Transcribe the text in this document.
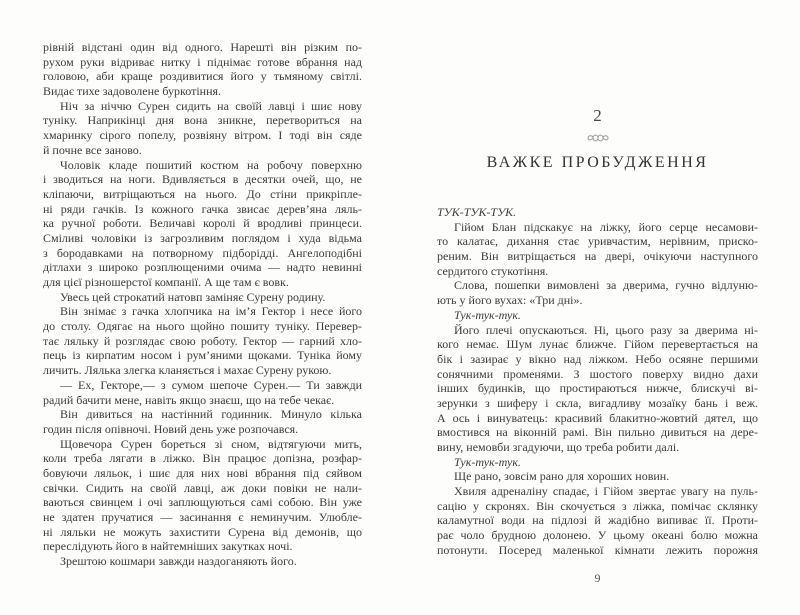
рівній відстані один від одного. Нарешті він різким по-
рухом руки відриває нитку і піднімає готове вбрання над
головою, аби краще роздивитися його у тьмяному світлі.
Видає тихе задоволене буркотіння.
Ніч за ніччю Сурен сидить на своїй лавці і шиє нову
туніку. Наприкінці дня вона зникне, перетвориться на
хмаринку сірого попелу, розвіяну вітром. І тоді він сяде
й почне все заново.
Чоловік кладе пошитий костюм на робочу поверхню
і зводиться на ноги. Вдивляється в десятки очей, що, не
кліпаючи, витріщаються на нього. До стіни прикріпле-
ні ряди гачків. Із кожного гачка звисає дерев’яна ляль-
ка ручної роботи. Величаві королі й вродливі принцеси.
Сміливі чоловіки із загрозливим поглядом і худа відьма
з бородавками на потворному підборідді. Ангелоподібні
дітлахи з широко розплющеними очима — надто невинні
для цієї різношерстої компанії. А ще там є вовк.
Увесь цей строкатий натовп заміняє Сурену родину.
Він знімає з гачка хлопчика на ім’я Гектор і несе його
до столу. Одягає на нього щойно пошиту туніку. Перевер-
тає ляльку й розглядає свою роботу. Гектор — гарний хло-
пець із кирпатим носом і рум’яними щоками. Туніка йому
личить. Лялька злегка кланяється і махає Сурену рукою.
— Ех, Гекторе,— з сумом шепоче Сурен.— Ти завжди
радий бачити мене, навіть якщо знаєш, що на тебе чекає.
Він дивиться на настінний годинник. Минуло кілька
годин після опівночі. Новий день уже розпочався.
Щовечора Сурен бореться зі сном, відтягуючи мить,
коли треба лягати в ліжко. Він працює допізна, розфар-
бовуючи ляльок, і шиє для них нові вбрання під сяйвом
свічки. Сидить на своїй лавці, аж доки повіки не нали-
ваються свинцем і очі заплющуються самі собою. Він уже
не здатен пручатися — засинання є неминучим. Улюбле-
ні ляльки не можуть захистити Сурена від демонів, що
переслідують його в найтемніших закутках ночі.
Зрештою кошмари завжди наздоганяють його.
2
ВАЖКЕ ПРОБУДЖЕННЯ
ТУК-ТУК-ТУК.
Гійом Блан підскакує на ліжку, його серце несамови-
то калатає, дихання стає уривчастим, нерівним, приско-
реним. Він витріщається на двері, очікуючи наступного
сердитого стукотіння.
Слова, пошепки вимовлені за дверима, гучно відлуню-
ють у його вухах: «Три дні».
Тук-тук-тук.
Його плечі опускаються. Ні, цього разу за дверима ні-
кого немає. Шум лунає ближче. Гійом перевертається на
бік і зазирає у вікно над ліжком. Небо осяяне першими
сонячними променями. З шостого поверху видно дахи
інших будинків, що простираються нижче, блискучі ві-
зерунки з шиферу і скла, вигадливу мозаїку бань і веж.
А ось і винуватець: красивий блакитно-жовтий дятел, що
вмостився на віконній рамі. Він пильно дивиться на дере-
вину, немовби згадуючи, що треба робити далі.
Тук-тук-тук.
Ще рано, зовсім рано для хороших новин.
Хвиля адреналіну спадає, і Гійом звертає увагу на пуль-
сацію у скронях. Він скочується з ліжка, помічає склянку
каламутної води на підлозі й жадібно випиває її. Проти-
рає чоло брудною долонею. У цьому океані болю можна
потонути. Посеред маленької кімнати лежить порожня
9
